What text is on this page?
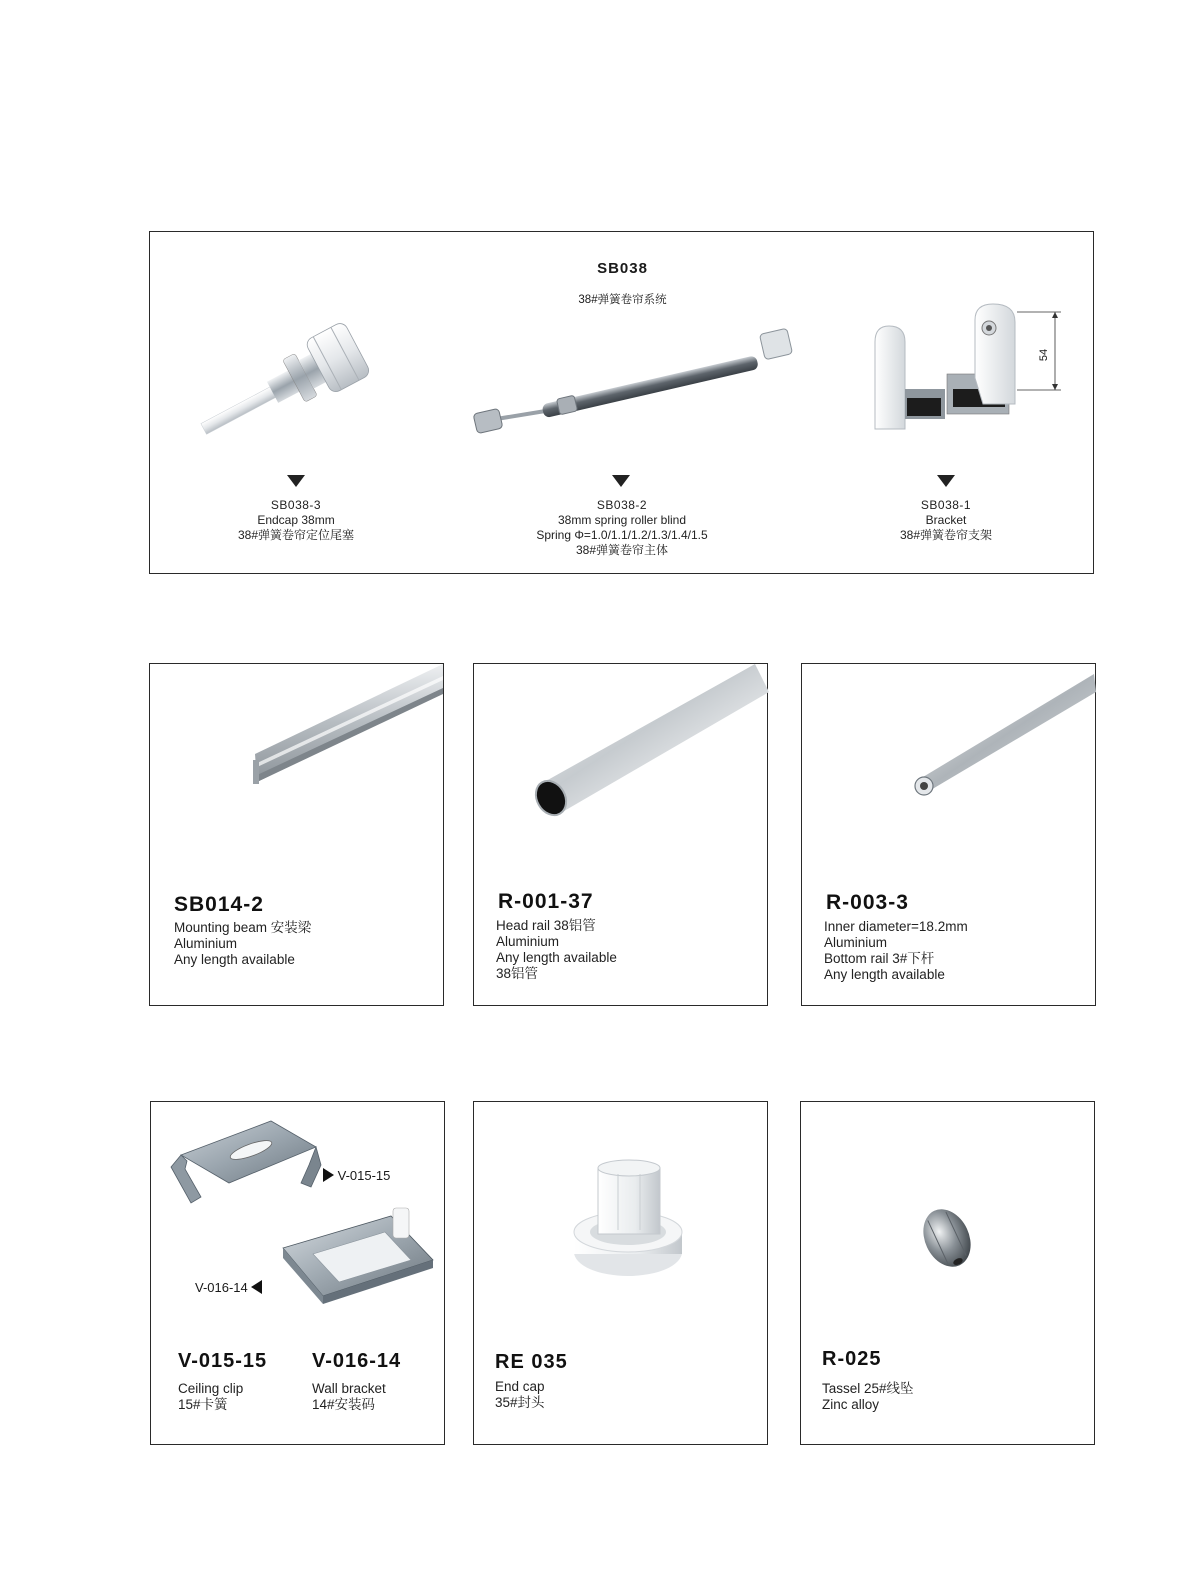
SB038
38#弹簧卷帘系统
54
SB038-3
Endcap 38mm
38#弹簧卷帘定位尾塞
SB038-2
38mm spring roller blind
Spring Φ=1.0/1.1/1.2/1.3/1.4/1.5
38#弹簧卷帘主体
SB038-1
Bracket
38#弹簧卷帘支架
SB014-2
Mounting beam 安装梁
Aluminium
Any length available
R-001-37
Head rail 38铝管
Aluminium
Any length available
38铝管
R-003-3
Inner diameter=18.2mm
Aluminium
Bottom rail 3#下杆
Any length available
V-015-15
V-016-14
V-015-15 V-016-14
Ceiling clip
15#卡簧
Wall bracket
14#安装码
RE 035
End cap
35#封头
R-025
Tassel 25#线坠
Zinc alloy
